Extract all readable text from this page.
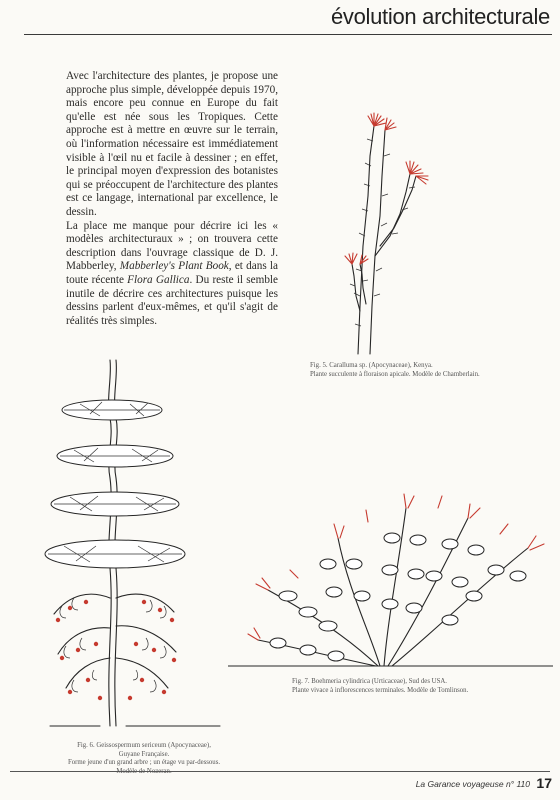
évolution architecturale

Avec l'architecture des plantes, je propose une approche plus simple, développée depuis 1970, mais encore peu connue en Europe du fait qu'elle est née sous les Tropiques. Cette approche est à mettre en œuvre sur le terrain, où l'information nécessaire est immédiatement visible à l'œil nu et facile à dessiner ; en effet, le principal moyen d'expression des botanistes qui se préoccupent de l'architecture des plantes est ce langage, international par excellence, le dessin.

La place me manque pour décrire ici les « modèles architecturaux » ; on trouvera cette description dans l'ouvrage classique de D. J. Mabberley, Mabberley's Plant Book, et dans la toute récente Flora Gallica. Du reste il semble inutile de décrire ces architectures puisque les dessins parlent d'eux-mêmes, et qu'il s'agit de réalités très simples.

Fig. 5. Caralluma sp. (Apocynaceae), Kenya.
Plante succulente à floraison apicale. Modèle de Chamberlain.
Fig. 6. Geissospermum sericeum (Apocynaceae),
Guyane Française.
Forme jeune d'un grand arbre ; un étage vu par-dessous.
Modèle de Nozeran.
Fig. 7. Boehmeria cylindrica (Urticaceae), Sud des USA.
Plante vivace à inflorescences terminales. Modèle de Tomlinson.
La Garance voyageuse n° 110 17
